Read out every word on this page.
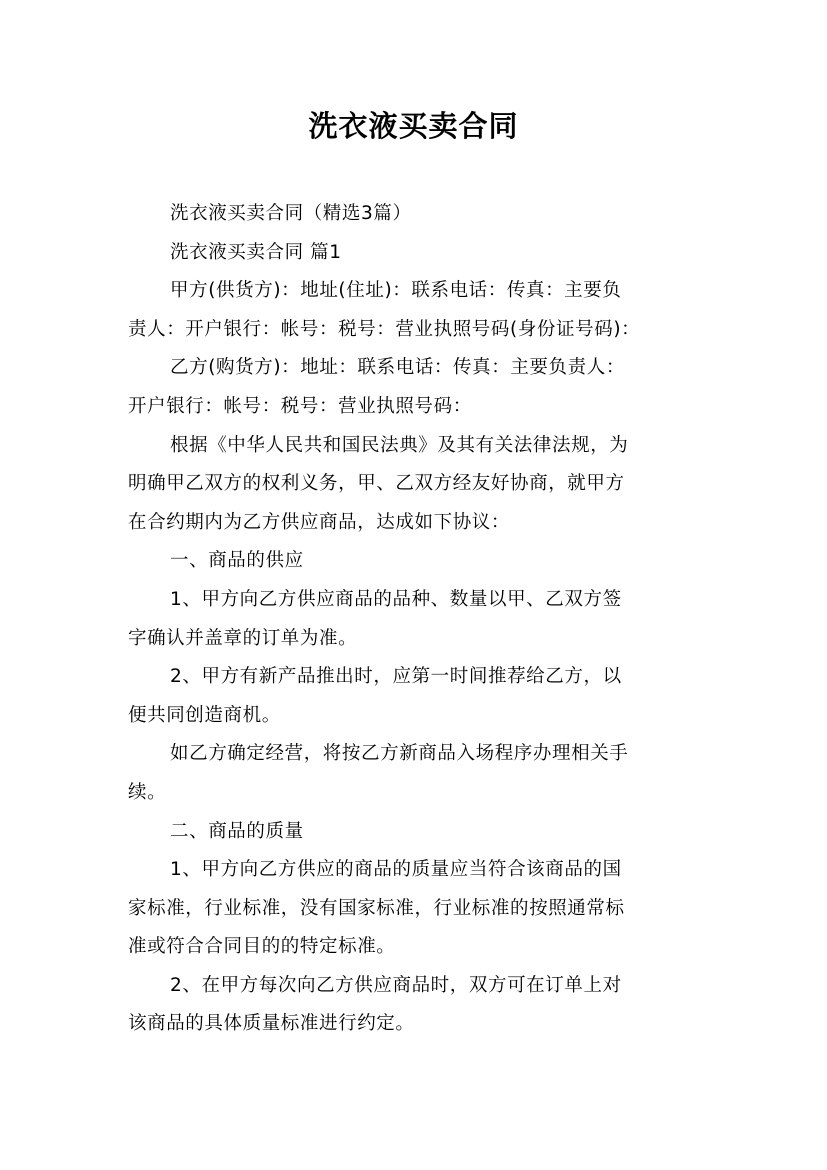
洗衣液买卖合同
洗衣液买卖合同（精选3篇）
洗衣液买卖合同 篇1
甲方(供货方)：地址(住址)：联系电话：传真：主要负
责人：开户银行：帐号：税号：营业执照号码(身份证号码)：
乙方(购货方)：地址：联系电话：传真：主要负责人：
开户银行：帐号：税号：营业执照号码：
根据《中华人民共和国民法典》及其有关法律法规，为
明确甲乙双方的权利义务，甲、乙双方经友好协商，就甲方
在合约期内为乙方供应商品，达成如下协议：
一、商品的供应
1、甲方向乙方供应商品的品种、数量以甲、乙双方签
字确认并盖章的订单为准。
2、甲方有新产品推出时，应第一时间推荐给乙方，以
便共同创造商机。
如乙方确定经营，将按乙方新商品入场程序办理相关手
续。
二、商品的质量
1、甲方向乙方供应的商品的质量应当符合该商品的国
家标准，行业标准，没有国家标准，行业标准的按照通常标
准或符合合同目的的特定标准。
2、在甲方每次向乙方供应商品时，双方可在订单上对
该商品的具体质量标准进行约定。
